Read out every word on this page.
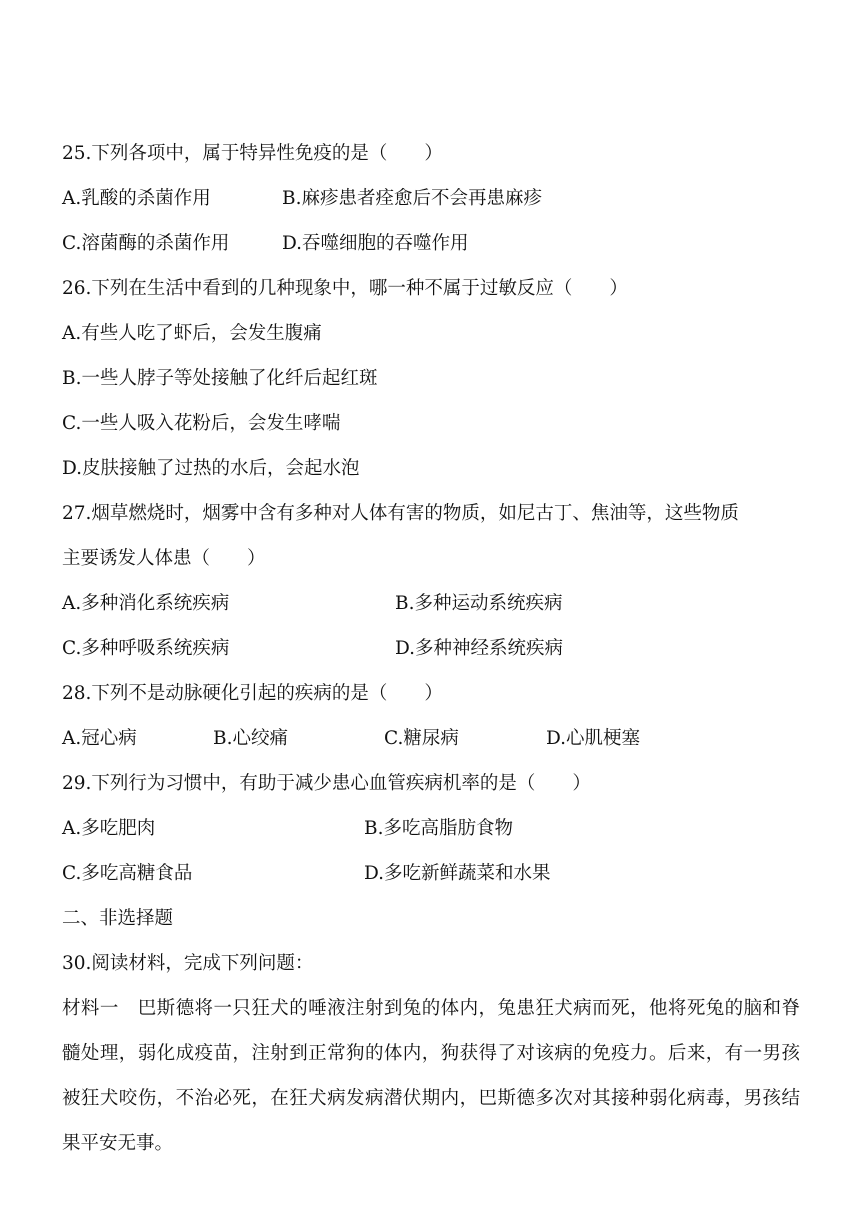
25.下列各项中，属于特异性免疫的是（　　）
A.乳酸的杀菌作用	B.麻疹患者痊愈后不会再患麻疹
C.溶菌酶的杀菌作用	D.吞噬细胞的吞噬作用
26.下列在生活中看到的几种现象中，哪一种不属于过敏反应（　　）
A.有些人吃了虾后，会发生腹痛
B.一些人脖子等处接触了化纤后起红斑
C.一些人吸入花粉后，会发生哮喘
D.皮肤接触了过热的水后，会起水泡
27.烟草燃烧时，烟雾中含有多种对人体有害的物质，如尼古丁、焦油等，这些物质
主要诱发人体患（　　）
A.多种消化系统疾病	B.多种运动系统疾病
C.多种呼吸系统疾病	D.多种神经系统疾病
28.下列不是动脉硬化引起的疾病的是（　　）
A.冠心病	B.心绞痛	C.糖尿病	D.心肌梗塞
29.下列行为习惯中，有助于减少患心血管疾病机率的是（　　）
A.多吃肥肉	B.多吃高脂肪食物
C.多吃高糖食品	D.多吃新鲜蔬菜和水果
二、非选择题
30.阅读材料，完成下列问题：
材料一　巴斯德将一只狂犬的唾液注射到兔的体内，兔患狂犬病而死，他将死兔的脑和脊髓处理，弱化成疫苗，注射到正常狗的体内，狗获得了对该病的免疫力。后来，有一男孩被狂犬咬伤，不治必死，在狂犬病发病潜伏期内，巴斯德多次对其接种弱化病毒，男孩结果平安无事。
